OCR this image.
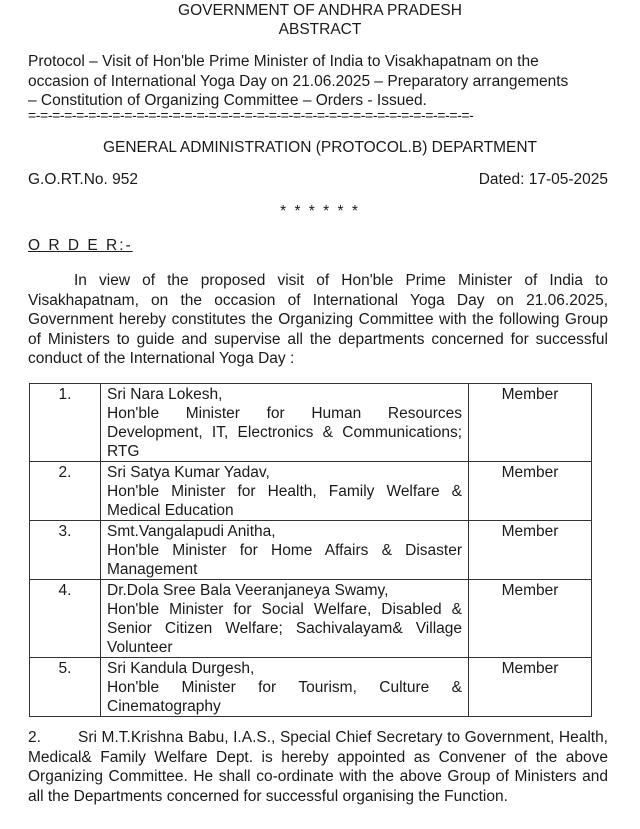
GOVERNMENT OF ANDHRA PRADESH
ABSTRACT
Protocol – Visit of Hon'ble Prime Minister of India to Visakhapatnam on the
occasion of International Yoga Day on 21.06.2025 – Preparatory arrangements
– Constitution of Organizing Committee – Orders - Issued.
=-=-=-=-=-=-=-=-=-=-=-=-=-=-=-=-=-=-=-=-=-=-=-=-=-=-=-=-=-=-=-=-=-=-=-=-=-
GENERAL ADMINISTRATION (PROTOCOL.B) DEPARTMENT
G.O.RT.No. 952	Dated: 17-05-2025
* * * * * *
O R D E R:-
In view of the proposed visit of Hon'ble Prime Minister of India to Visakhapatnam, on the occasion of International Yoga Day on 21.06.2025, Government hereby constitutes the Organizing Committee with the following Group of Ministers to guide and supervise all the departments concerned for successful conduct of the International Yoga Day :
1.	Sri Nara Lokesh,
Hon'ble Minister for Human Resources Development, IT, Electronics & Communications; RTG	Member
2.	Sri Satya Kumar Yadav,
Hon'ble Minister for Health, Family Welfare & Medical Education	Member
3.	Smt.Vangalapudi Anitha,
Hon'ble Minister for Home Affairs & Disaster Management	Member
4.	Dr.Dola Sree Bala Veeranjaneya Swamy,
Hon'ble Minister for Social Welfare, Disabled & Senior Citizen Welfare; Sachivalayam& Village Volunteer	Member
5.	Sri Kandula Durgesh,
Hon'ble Minister for Tourism, Culture & Cinematography	Member
2. Sri M.T.Krishna Babu, I.A.S., Special Chief Secretary to Government, Health, Medical& Family Welfare Dept. is hereby appointed as Convener of the above Organizing Committee. He shall co-ordinate with the above Group of Ministers and all the Departments concerned for successful organising the Function.
